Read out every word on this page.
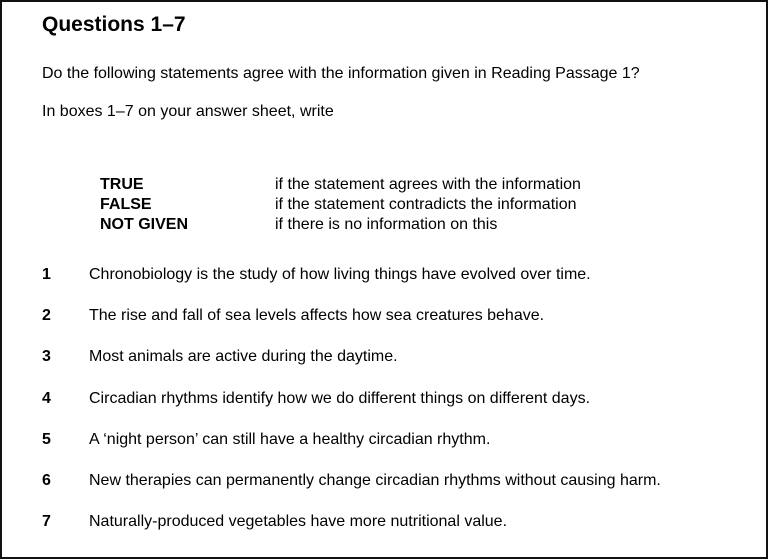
Questions 1–7
Do the following statements agree with the information given in Reading Passage 1?
In boxes 1–7 on your answer sheet, write
TRUE	if the statement agrees with the information
FALSE	if the statement contradicts the information
NOT GIVEN	if there is no information on this
1	Chronobiology is the study of how living things have evolved over time.
2	The rise and fall of sea levels affects how sea creatures behave.
3	Most animals are active during the daytime.
4	Circadian rhythms identify how we do different things on different days.
5	A ‘night person’ can still have a healthy circadian rhythm.
6	New therapies can permanently change circadian rhythms without causing harm.
7	Naturally-produced vegetables have more nutritional value.
